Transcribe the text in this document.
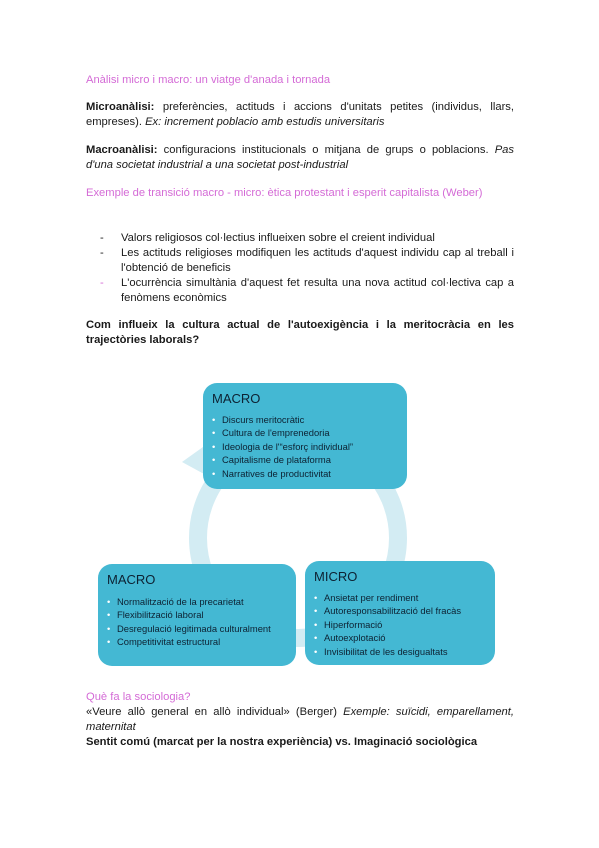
Anàlisi micro i macro: un viatge d'anada i tornada
Microanàlisi: preferències, actituds i accions d'unitats petites (individus, llars, empreses). Ex: increment poblacio amb estudis universitaris
Macroanàlisi: configuracions institucionals o mitjana de grups o poblacions. Pas d'una societat industrial a una societat post-industrial
Exemple de transició macro - micro: ètica protestant i esperit capitalista (Weber)
- Valors religiosos col·lectius influeixen sobre el creient individual
- Les actituds religioses modifiquen les actituds d'aquest individu cap al treball i l'obtenció de beneficis
- L'ocurrència simultània d'aquest fet resulta una nova actitud col·lectiva cap a fenòmens econòmics
Com influeix la cultura actual de l'autoexigència i la meritocràcia en les trajectòries laborals?
MACRO
• Discurs meritocràtic
• Cultura de l'emprenedoria
• Ideologia de l'“esforç individual”
• Capitalisme de plataforma
• Narratives de productivitat
MACRO
• Normalització de la precarietat
• Flexibilització laboral
• Desregulació legitimada culturalment
• Competitivitat estructural
MICRO
• Ansietat per rendiment
• Autoresponsabilització del fracàs
• Hiperformació
• Autoexplotació
• Invisibilitat de les desigualtats
Què fa la sociologia?
«Veure allò general en allò individual» (Berger) Exemple: suïcidi, emparellament, maternitat
Sentit comú (marcat per la nostra experiència) vs. Imaginació sociològica
